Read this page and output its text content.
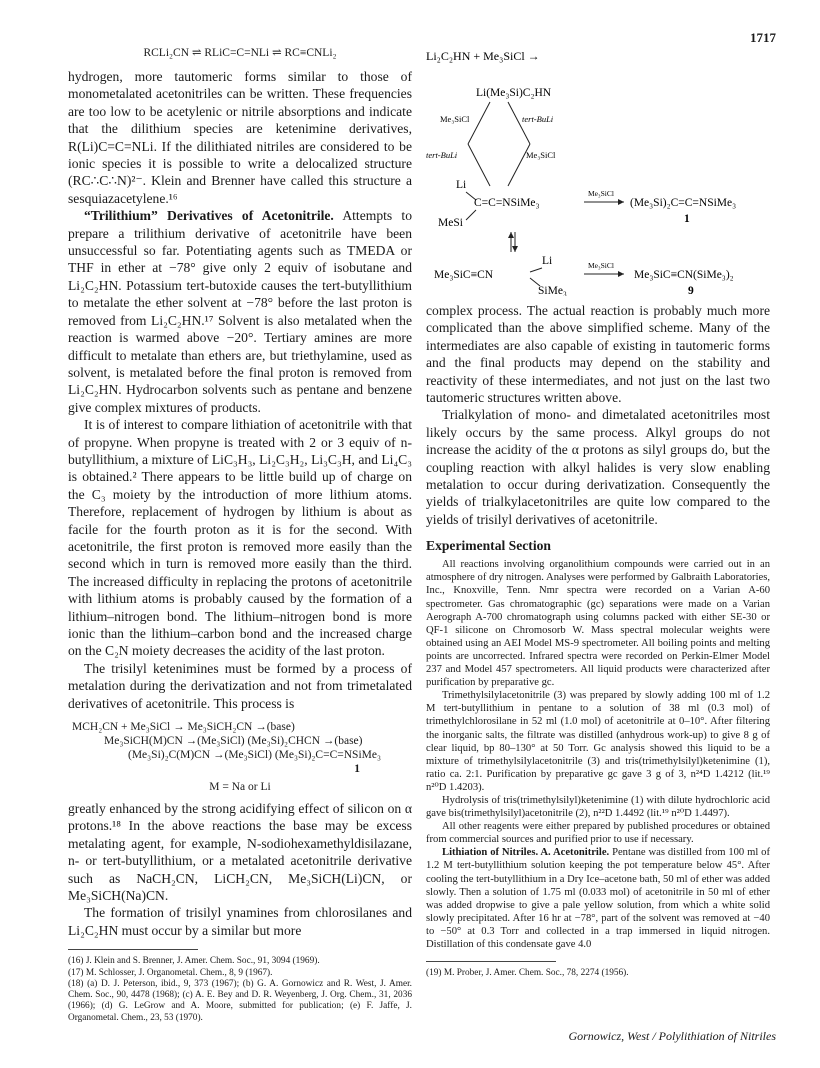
1717
RCLi₂CN ⇌ RLiC=C=NLi ⇌ RC≡CNLi₂

hydrogen, more tautomeric forms similar to those of monometalated acetonitriles can be written. These frequencies are too low to be acetylenic or nitrile absorptions and indicate that the dilithium species are ketenimine derivatives, R(Li)C=C=NLi. If the dilithiated nitriles are considered to be ionic species it is possible to write a delocalized structure (RC∴C∴N)²⁻. Klein and Brenner have called this structure a sesquiazacetylene.¹⁶

“Trilithium” Derivatives of Acetonitrile. Attempts to prepare a trilithium derivative of acetonitrile have been unsuccessful so far. Potentiating agents such as TMEDA or THF in ether at −78° give only 2 equiv of isobutane and Li₂C₂HN. Potassium tert-butoxide causes the tert-butyllithium to metalate the ether solvent at −78° before the last proton is removed from Li₂C₂HN.¹⁷ Solvent is also metalated when the reaction is warmed above −20°. Tertiary amines are more difficult to metalate than ethers are, but triethylamine, used as solvent, is metalated before the final proton is removed from Li₂C₂HN. Hydrocarbon solvents such as pentane and benzene give complex mixtures of products.

It is of interest to compare lithiation of acetonitrile with that of propyne. When propyne is treated with 2 or 3 equiv of n-butyllithium, a mixture of LiC₃H₃, Li₂C₃H₂, Li₃C₃H, and Li₄C₃ is obtained.² There appears to be little build up of charge on the C₃ moiety by the introduction of more lithium atoms. Therefore, replacement of hydrogen by lithium is about as facile for the fourth proton as it is for the second. With acetonitrile, the first proton is removed more easily than the second which in turn is removed more easily than the third. The increased difficulty in replacing the protons of acetonitrile with lithium atoms is probably caused by the formation of a lithium–nitrogen bond. The lithium–nitrogen bond is more ionic than the lithium–carbon bond and the increased charge on the C₂N moiety decreases the acidity of the last proton.

The trisilyl ketenimines must be formed by a process of metalation during the derivatization and not from trimetalated derivatives of acetonitrile. This process is

MCH₂CN + Me₃SiCl → Me₃SiCH₂CN →(base)
Me₃SiCH(M)CN →(Me₃SiCl) (Me₃Si)₂CHCN →(base)
(Me₃Si)₂C(M)CN →(Me₃SiCl) (Me₃Si)₂C=C=NSiMe₃
1
M = Na or Li

greatly enhanced by the strong acidifying effect of silicon on α protons.¹⁸ In the above reactions the base may be excess metalating agent, for example, N-sodiohexamethyldisilazane, n- or tert-butyllithium, or a metalated acetonitrile derivative such as NaCH₂CN, LiCH₂CN, Me₃SiCH(Li)CN, or Me₃SiCH(Na)CN.

The formation of trisilyl ynamines from chlorosilanes and Li₂C₂HN must occur by a similar but more

(16) J. Klein and S. Brenner, J. Amer. Chem. Soc., 91, 3094 (1969).

(17) M. Schlosser, J. Organometal. Chem., 8, 9 (1967).

(18) (a) D. J. Peterson, ibid., 9, 373 (1967); (b) G. A. Gornowicz and R. West, J. Amer. Chem. Soc., 90, 4478 (1968); (c) A. E. Bey and D. R. Weyenberg, J. Org. Chem., 31, 2036 (1966); (d) G. LeGrow and A. Moore, submitted for publication; (e) F. Jaffe, J. Organometal. Chem., 23, 53 (1970).

Li₂C₂HN + Me₃SiCl →
Li(Me₃Si)C₂HN
Me₃SiCl	tert-BuLi
tert-BuLi	Me₃SiCl
Li
C=C=NSiMe₃
MeSi
Me₃SiCl
(Me₃Si)₂C=C=NSiMe₃
1
Li
Me₃SiC≡CN
SiMe₃
Me₃SiCl
Me₃SiC≡CN(SiMe₃)₂
9

complex process. The actual reaction is probably much more complicated than the above simplified scheme. Many of the intermediates are also capable of existing in tautomeric forms and the final products may depend on the stability and reactivity of these intermediates, and not just on the last two tautomeric structures written above.

Trialkylation of mono- and dimetalated acetonitriles most likely occurs by the same process. Alkyl groups do not increase the acidity of the α protons as silyl groups do, but the coupling reaction with alkyl halides is very slow enabling metalation to occur during derivatization. Consequently the yields of trialkylacetonitriles are quite low compared to the yields of trisilyl derivatives of acetonitrile.

Experimental Section

All reactions involving organolithium compounds were carried out in an atmosphere of dry nitrogen. Analyses were performed by Galbraith Laboratories, Inc., Knoxville, Tenn. Nmr spectra were recorded on a Varian A-60 spectrometer. Gas chromatographic (gc) separations were made on a Varian Aerograph A-700 chromatograph using columns packed with either SE-30 or QF-1 silicone on Chromosorb W. Mass spectral molecular weights were obtained using an AEI Model MS-9 spectrometer. All boiling points and melting points are uncorrected. Infrared spectra were recorded on Perkin-Elmer Model 237 and Model 457 spectrometers. All liquid products were characterized after purification by preparative gc.

Trimethylsilylacetonitrile (3) was prepared by slowly adding 100 ml of 1.2 M tert-butyllithium in pentane to a solution of 38 ml (0.3 mol) of trimethylchlorosilane in 52 ml (1.0 mol) of acetonitrile at 0–10°. After filtering the inorganic salts, the filtrate was distilled (anhydrous work-up) to give 8 g of clear liquid, bp 80–130° at 50 Torr. Gc analysis showed this liquid to be a mixture of trimethylsilylacetonitrile (3) and tris(trimethylsilyl)ketenimine (1), ratio ca. 2:1. Purification by preparative gc gave 3 g of 3, n²⁴D 1.4212 (lit.¹⁹ n²⁰D 1.4203).

Hydrolysis of tris(trimethylsilyl)ketenimine (1) with dilute hydrochloric acid gave bis(trimethylsilyl)acetonitrile (2), n²²D 1.4492 (lit.¹⁹ n²⁰D 1.4497).

All other reagents were either prepared by published procedures or obtained from commercial sources and purified prior to use if necessary.

Lithiation of Nitriles. A. Acetonitrile. Pentane was distilled from 100 ml of 1.2 M tert-butyllithium solution keeping the pot temperature below 45°. After cooling the tert-butyllithium in a Dry Ice–acetone bath, 50 ml of ether was added slowly. Then a solution of 1.75 ml (0.033 mol) of acetonitrile in 50 ml of ether was added dropwise to give a pale yellow solution, from which a white solid slowly precipitated. After 16 hr at −78°, part of the solvent was removed at −40 to −50° at 0.3 Torr and collected in a trap immersed in liquid nitrogen. Distillation of this condensate gave 4.0

(19) M. Prober, J. Amer. Chem. Soc., 78, 2274 (1956).

Gornowicz, West / Polylithiation of Nitriles
